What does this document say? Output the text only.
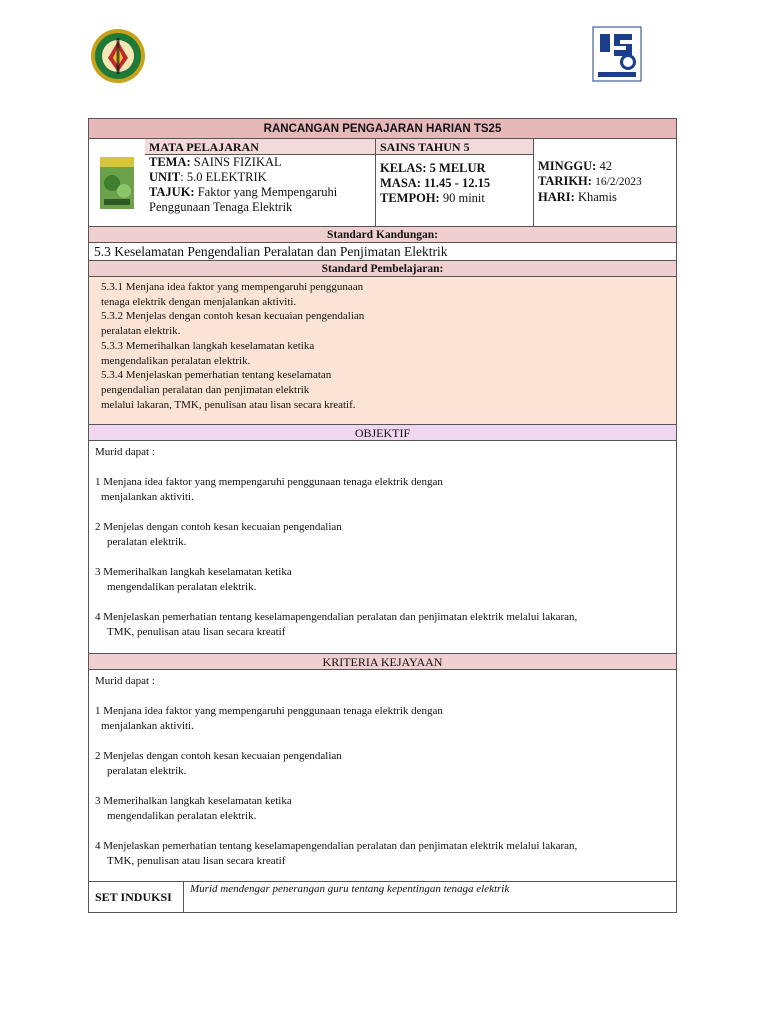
RANCANGAN PENGAJARAN HARIAN TS25
MATA PELAJARAN
TEMA: SAINS FIZIKAL
UNIT: 5.0 ELEKTRIK
TAJUK: Faktor yang Mempengaruhi
Penggunaan Tenaga Elektrik
SAINS TAHUN 5
KELAS: 5 MELUR
MASA: 11.45 - 12.15
TEMPOH: 90 minit
MINGGU: 42
TARIKH: 16/2/2023
HARI: Khamis
Standard Kandungan:
5.3 Keselamatan Pengendalian Peralatan dan Penjimatan Elektrik
Standard Pembelajaran:
5.3.1 Menjana idea faktor yang mempengaruhi penggunaan
tenaga elektrik dengan menjalankan aktiviti.
5.3.2 Menjelas dengan contoh kesan kecuaian pengendalian
peralatan elektrik.
5.3.3 Memerihalkan langkah keselamatan ketika
mengendalikan peralatan elektrik.
5.3.4 Menjelaskan pemerhatian tentang keselamatan
pengendalian peralatan dan penjimatan elektrik
melalui lakaran, TMK, penulisan atau lisan secara kreatif.
OBJEKTIF

Murid dapat :

1 Menjana idea faktor yang mempengaruhi penggunaan tenaga elektrik dengan

menjalankan aktiviti.

2 Menjelas dengan contoh kesan kecuaian pengendalian

peralatan elektrik.

3 Memerihalkan langkah keselamatan ketika

mengendalikan peralatan elektrik.

4 Menjelaskan pemerhatian tentang keselamapengendalian peralatan dan penjimatan elektrik melalui lakaran,

TMK, penulisan atau lisan secara kreatif

KRITERIA KEJAYAAN

Murid dapat :

1 Menjana idea faktor yang mempengaruhi penggunaan tenaga elektrik dengan

menjalankan aktiviti.

2 Menjelas dengan contoh kesan kecuaian pengendalian

peralatan elektrik.

3 Memerihalkan langkah keselamatan ketika

mengendalikan peralatan elektrik.

4 Menjelaskan pemerhatian tentang keselamapengendalian peralatan dan penjimatan elektrik melalui lakaran,

TMK, penulisan atau lisan secara kreatif

SET INDUKSI
Murid mendengar penerangan guru tentang kepentingan tenaga elektrik
